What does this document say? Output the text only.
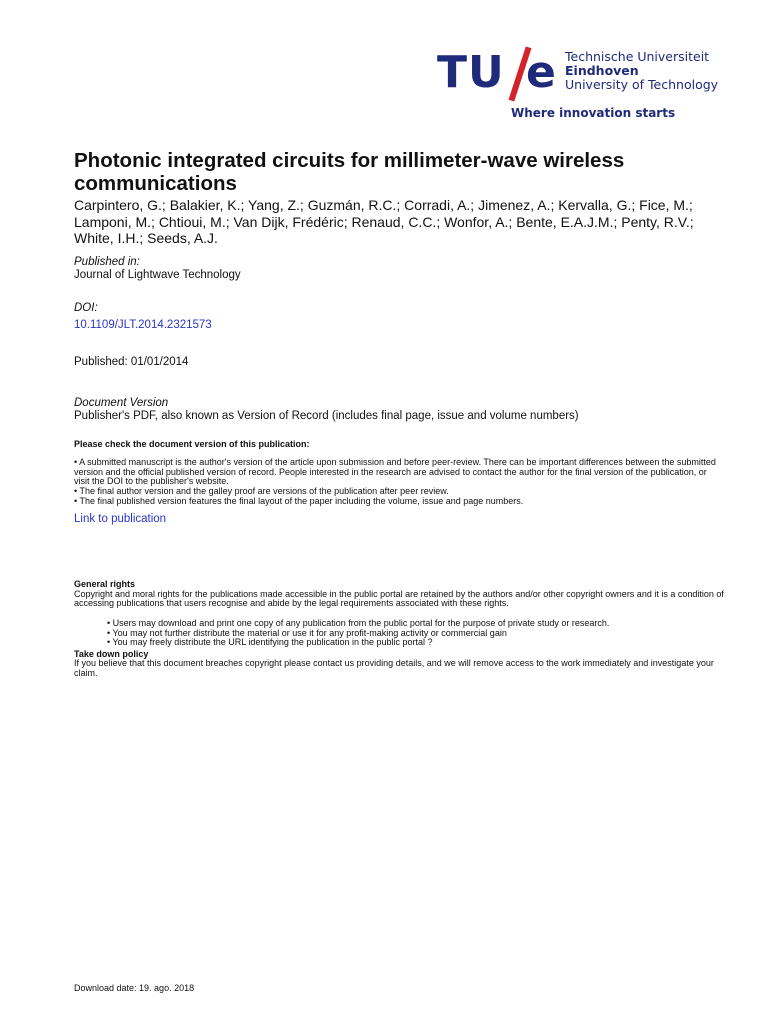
TU e Technische Universiteit
Eindhoven
University of Technology
Where innovation starts
Photonic integrated circuits for millimeter-wave wireless communications
Carpintero, G.; Balakier, K.; Yang, Z.; Guzmán, R.C.; Corradi, A.; Jimenez, A.; Kervalla, G.; Fice, M.; Lamponi, M.; Chtioui, M.; Van Dijk, Frédéric; Renaud, C.C.; Wonfor, A.; Bente, E.A.J.M.; Penty, R.V.; White, I.H.; Seeds, A.J.
Published in:
Journal of Lightwave Technology
DOI:
10.1109/JLT.2014.2321573
Published: 01/01/2014
Document Version
Publisher's PDF, also known as Version of Record (includes final page, issue and volume numbers)
Please check the document version of this publication:
• A submitted manuscript is the author's version of the article upon submission and before peer-review. There can be important differences between the submitted version and the official published version of record. People interested in the research are advised to contact the author for the final version of the publication, or visit the DOI to the publisher's website.
• The final author version and the galley proof are versions of the publication after peer review.
• The final published version features the final layout of the paper including the volume, issue and page numbers.
Link to publication
General rights
Copyright and moral rights for the publications made accessible in the public portal are retained by the authors and/or other copyright owners and it is a condition of accessing publications that users recognise and abide by the legal requirements associated with these rights.
• Users may download and print one copy of any publication from the public portal for the purpose of private study or research.
• You may not further distribute the material or use it for any profit-making activity or commercial gain
• You may freely distribute the URL identifying the publication in the public portal ?
Take down policy
If you believe that this document breaches copyright please contact us providing details, and we will remove access to the work immediately and investigate your claim.
Download date: 19. ago. 2018
